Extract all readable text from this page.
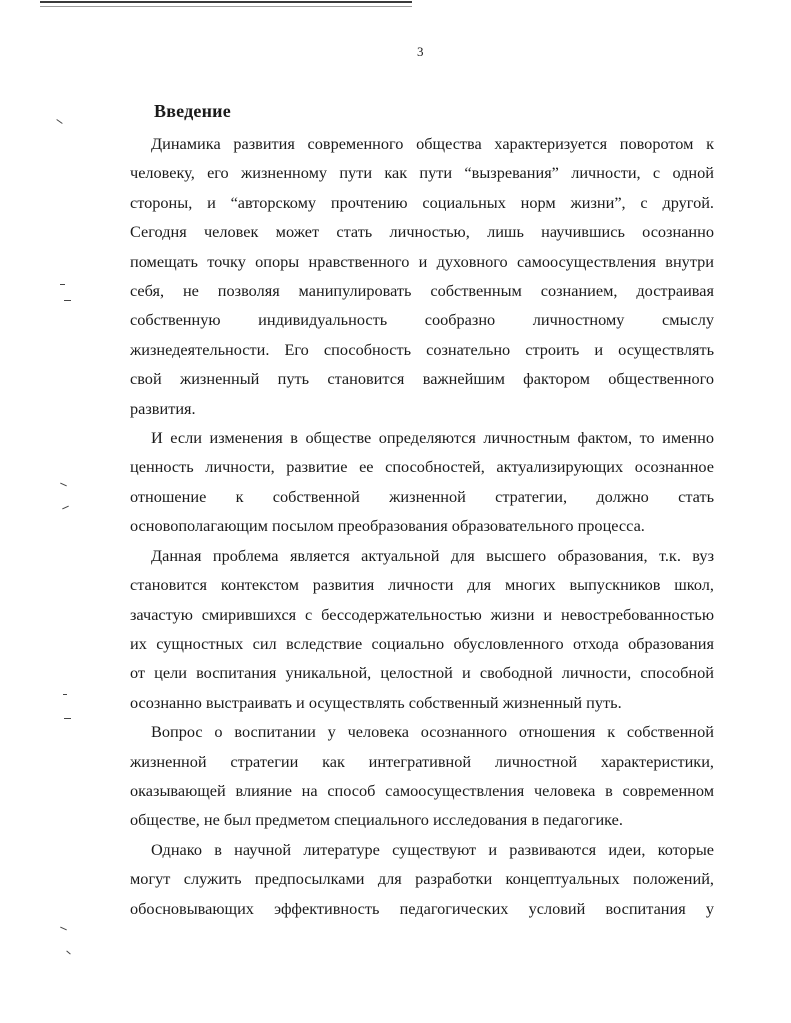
3
Введение
Динамика развития современного общества характеризуется поворотом к
человеку, его жизненному пути как пути “вызревания” личности, с одной
стороны, и “авторскому прочтению социальных норм жизни”, с другой.
Сегодня человек может стать личностью, лишь научившись осознанно
помещать точку опоры нравственного и духовного самоосуществления внутри
себя, не позволяя манипулировать собственным сознанием, достраивая
собственную индивидуальность сообразно личностному смыслу
жизнедеятельности. Его способность сознательно строить и осуществлять
свой жизненный путь становится важнейшим фактором общественного
развития.
И если изменения в обществе определяются личностным фактом, то именно
ценность личности, развитие ее способностей, актуализирующих осознанное
отношение к собственной жизненной стратегии, должно стать
основополагающим посылом преобразования образовательного процесса.
Данная проблема является актуальной для высшего образования, т.к. вуз
становится контекстом развития личности для многих выпускников школ,
зачастую смирившихся с бессодержательностью жизни и невостребованностью
их сущностных сил вследствие социально обусловленного отхода образования
от цели воспитания уникальной, целостной и свободной личности, способной
осознанно выстраивать и осуществлять собственный жизненный путь.
Вопрос о воспитании у человека осознанного отношения к собственной
жизненной стратегии как интегративной личностной характеристики,
оказывающей влияние на способ самоосуществления человека в современном
обществе, не был предметом специального исследования в педагогике.
Однако в научной литературе существуют и развиваются идеи, которые
могут служить предпосылками для разработки концептуальных положений,
обосновывающих эффективность педагогических условий воспитания у
